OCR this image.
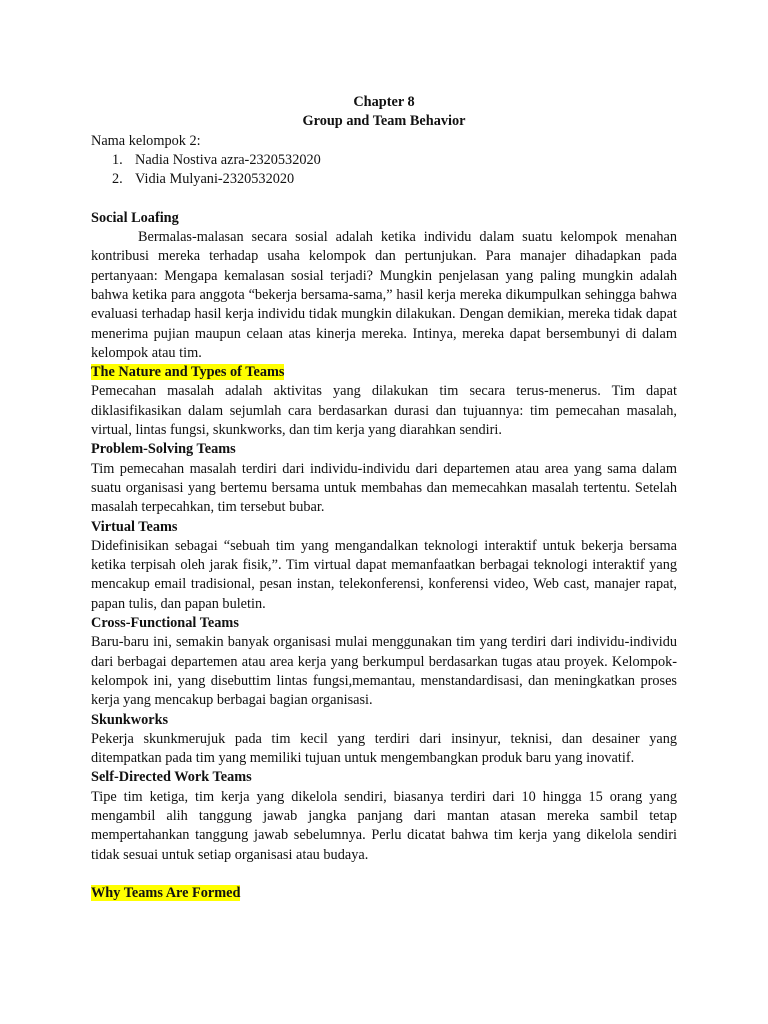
Chapter 8
Group and Team Behavior

Nama kelompok 2:

1. Nadia Nostiva azra-2320532020
2. Vidia Mulyani-2320532020

Social Loafing

Bermalas-malasan secara sosial adalah ketika individu dalam suatu kelompok menahan kontribusi mereka terhadap usaha kelompok dan pertunjukan. Para manajer dihadapkan pada pertanyaan: Mengapa kemalasan sosial terjadi? Mungkin penjelasan yang paling mungkin adalah bahwa ketika para anggota “bekerja bersama-sama,” hasil kerja mereka dikumpulkan sehingga bahwa evaluasi terhadap hasil kerja individu tidak mungkin dilakukan. Dengan demikian, mereka tidak dapat menerima pujian maupun celaan atas kinerja mereka. Intinya, mereka dapat bersembunyi di dalam kelompok atau tim.

The Nature and Types of Teams

Pemecahan masalah adalah aktivitas yang dilakukan tim secara terus-menerus. Tim dapat diklasifikasikan dalam sejumlah cara berdasarkan durasi dan tujuannya: tim pemecahan masalah, virtual, lintas fungsi, skunkworks, dan tim kerja yang diarahkan sendiri.

Problem-Solving Teams

Tim pemecahan masalah terdiri dari individu-individu dari departemen atau area yang sama dalam suatu organisasi yang bertemu bersama untuk membahas dan memecahkan masalah tertentu. Setelah masalah terpecahkan, tim tersebut bubar.

Virtual Teams

Didefinisikan sebagai “sebuah tim yang mengandalkan teknologi interaktif untuk bekerja bersama ketika terpisah oleh jarak fisik,”. Tim virtual dapat memanfaatkan berbagai teknologi interaktif yang mencakup email tradisional, pesan instan, telekonferensi, konferensi video, Web cast, manajer rapat, papan tulis, dan papan buletin.

Cross-Functional Teams

Baru-baru ini, semakin banyak organisasi mulai menggunakan tim yang terdiri dari individu-individu dari berbagai departemen atau area kerja yang berkumpul berdasarkan tugas atau proyek. Kelompok-kelompok ini, yang disebuttim lintas fungsi,memantau, menstandardisasi, dan meningkatkan proses kerja yang mencakup berbagai bagian organisasi.

Skunkworks

Pekerja skunkmerujuk pada tim kecil yang terdiri dari insinyur, teknisi, dan desainer yang ditempatkan pada tim yang memiliki tujuan untuk mengembangkan produk baru yang inovatif.

Self-Directed Work Teams

Tipe tim ketiga, tim kerja yang dikelola sendiri, biasanya terdiri dari 10 hingga 15 orang yang mengambil alih tanggung jawab jangka panjang dari mantan atasan mereka sambil tetap mempertahankan tanggung jawab sebelumnya. Perlu dicatat bahwa tim kerja yang dikelola sendiri tidak sesuai untuk setiap organisasi atau budaya.

Why Teams Are Formed
